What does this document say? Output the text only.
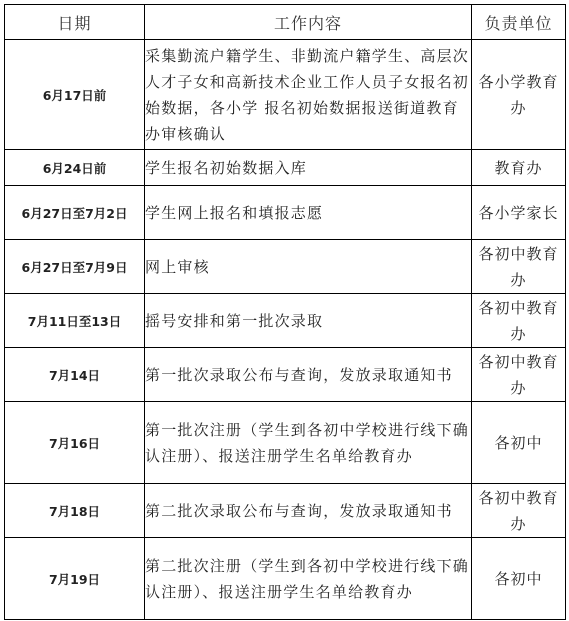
日期	工作内容	负责单位
6月17日前	采集勤流户籍学生、非勤流户籍学生、高层次人才子女和高新技术企业工作人员子女报名初始数据，各小学 报名初始数据报送街道教育办审核确认	各小学教育办
6月24日前	学生报名初始数据入库	教育办
6月27日至7月2日	学生网上报名和填报志愿	各小学家长
6月27日至7月9日	网上审核	各初中教育办
7月11日至13日	摇号安排和第一批次录取	各初中教育办
7月14日	第一批次录取公布与查询，发放录取通知书	各初中教育办
7月16日	第一批次注册（学生到各初中学校进行线下确认注册）、报送注册学生名单给教育办	各初中
7月18日	第二批次录取公布与查询，发放录取通知书	各初中教育办
7月19日	第二批次注册（学生到各初中学校进行线下确认注册）、报送注册学生名单给教育办	各初中
